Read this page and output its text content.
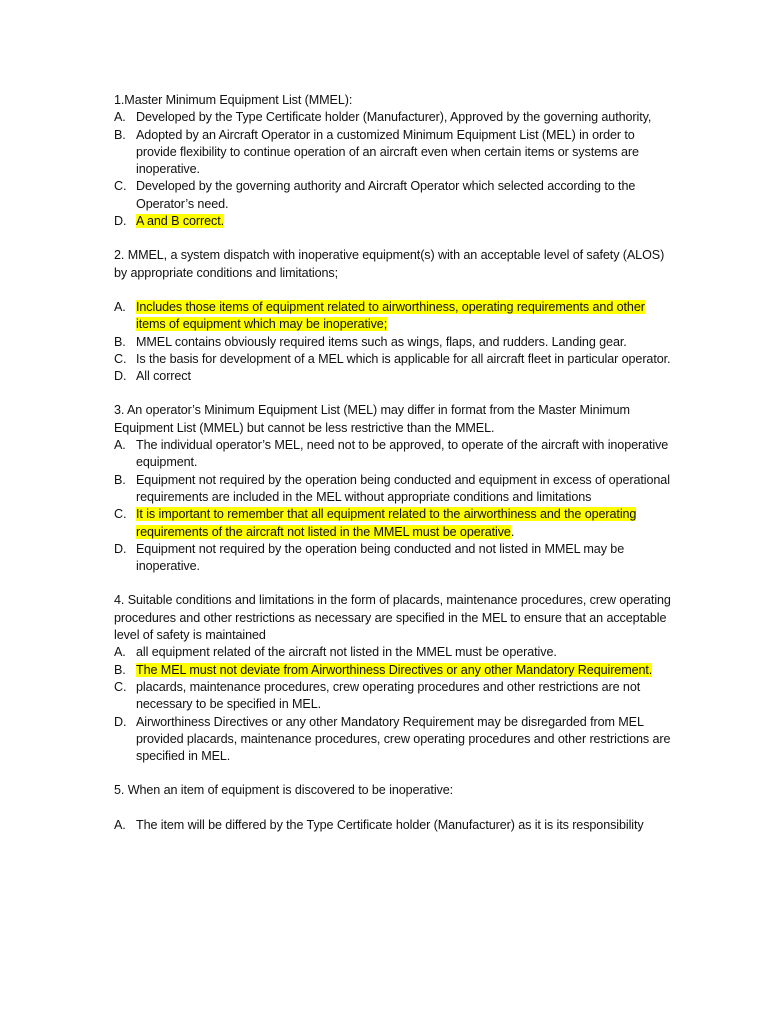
1.Master Minimum Equipment List (MMEL):

A. Developed by the Type Certificate holder (Manufacturer), Approved by the governing authority,
B. Adopted by an Aircraft Operator in a customized Minimum Equipment List (MEL) in order to provide flexibility to continue operation of an aircraft even when certain items or systems are inoperative.
C. Developed by the governing authority and Aircraft Operator which selected according to the Operator’s need.
D. A and B correct.

2. MMEL, a system dispatch with inoperative equipment(s) with an acceptable level of safety (ALOS) by appropriate conditions and limitations;

A. Includes those items of equipment related to airworthiness, operating requirements and other items of equipment which may be inoperative;
B. MMEL contains obviously required items such as wings, flaps, and rudders. Landing gear.
C. Is the basis for development of a MEL which is applicable for all aircraft fleet in particular operator.
D. All correct

3. An operator’s Minimum Equipment List (MEL) may differ in format from the Master Minimum Equipment List (MMEL) but cannot be less restrictive than the MMEL.

A. The individual operator’s MEL, need not to be approved, to operate of the aircraft with inoperative equipment.
B. Equipment not required by the operation being conducted and equipment in excess of operational requirements are included in the MEL without appropriate conditions and limitations
C. It is important to remember that all equipment related to the airworthiness and the operating requirements of the aircraft not listed in the MMEL must be operative.
D. Equipment not required by the operation being conducted and not listed in MMEL may be inoperative.

4. Suitable conditions and limitations in the form of placards, maintenance procedures, crew operating procedures and other restrictions as necessary are specified in the MEL to ensure that an acceptable level of safety is maintained

A. all equipment related of the aircraft not listed in the MMEL must be operative.
B. The MEL must not deviate from Airworthiness Directives or any other Mandatory Requirement.
C. placards, maintenance procedures, crew operating procedures and other restrictions are not necessary to be specified in MEL.
D. Airworthiness Directives or any other Mandatory Requirement may be disregarded from MEL provided placards, maintenance procedures, crew operating procedures and other restrictions are specified in MEL.

5. When an item of equipment is discovered to be inoperative:

A. The item will be differed by the Type Certificate holder (Manufacturer) as it is its responsibility
